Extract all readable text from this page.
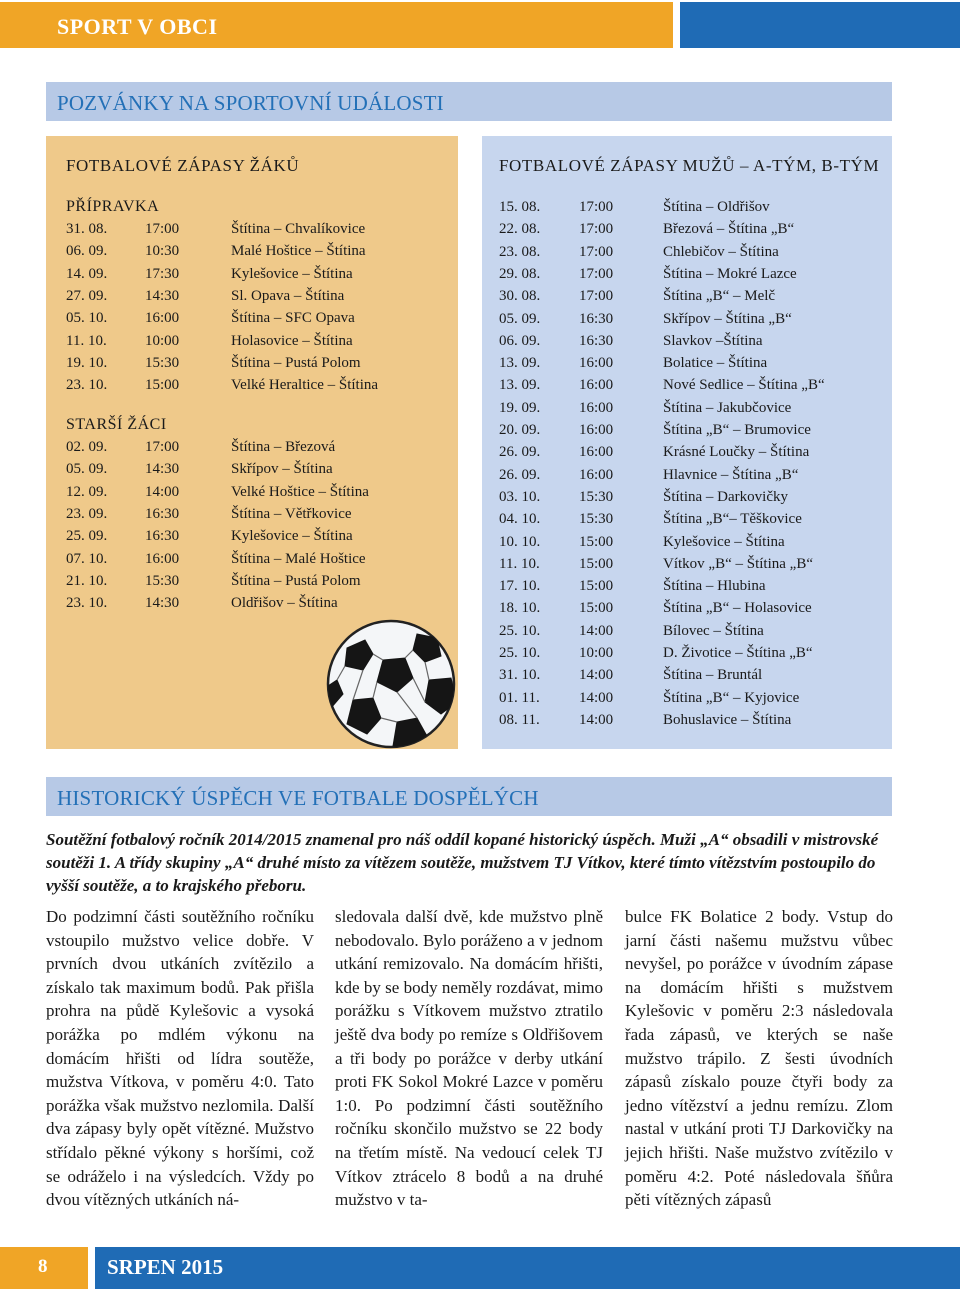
SPORT V OBCI
POZVÁNKY NA SPORTOVNÍ UDÁLOSTI
FOTBALOVÉ ZÁPASY ŽÁKŮ
PŘÍPRAVKA
31. 08.	17:00	Štítina – Chvalíkovice
06. 09.	10:30	Malé Hoštice – Štítina
14. 09.	17:30	Kylešovice – Štítina
27. 09.	14:30	Sl. Opava – Štítina
05. 10.	16:00	Štítina – SFC Opava
11. 10.	10:00	Holasovice – Štítina
19. 10.	15:30	Štítina – Pustá Polom
23. 10.	15:00	Velké Heraltice – Štítina
STARŠÍ ŽÁCI
02. 09.	17:00	Štítina – Březová
05. 09.	14:30	Skřípov – Štítina
12. 09.	14:00	Velké Hoštice – Štítina
23. 09.	16:30	Štítina – Větřkovice
25. 09.	16:30	Kylešovice – Štítina
07. 10.	16:00	Štítina – Malé Hoštice
21. 10.	15:30	Štítina – Pustá Polom
23. 10.	14:30	Oldřišov – Štítina
FOTBALOVÉ ZÁPASY MUŽŮ – A-TÝM, B-TÝM
15. 08.	17:00	Štítina – Oldřišov
22. 08.	17:00	Březová – Štítina „B“
23. 08.	17:00	Chlebičov – Štítina
29. 08.	17:00	Štítina – Mokré Lazce
30. 08.	17:00	Štítina „B“ – Melč
05. 09.	16:30	Skřípov – Štítina „B“
06. 09.	16:30	Slavkov –Štítina
13. 09.	16:00	Bolatice – Štítina
13. 09.	16:00	Nové Sedlice – Štítina „B“
19. 09.	16:00	Štítina – Jakubčovice
20. 09.	16:00	Štítina „B“ – Brumovice
26. 09.	16:00	Krásné Loučky – Štítina
26. 09.	16:00	Hlavnice – Štítina „B“
03. 10.	15:30	Štítina – Darkovičky
04. 10.	15:30	Štítina „B“– Těškovice
10. 10.	15:00	Kylešovice – Štítina
11. 10.	15:00	Vítkov „B“ – Štítina „B“
17. 10.	15:00	Štítina – Hlubina
18. 10.	15:00	Štítina „B“ – Holasovice
25. 10.	14:00	Bílovec – Štítina
25. 10.	10:00	D. Životice – Štítina „B“
31. 10.	14:00	Štítina – Bruntál
01. 11.	14:00	Štítina „B“ – Kyjovice
08. 11.	14:00	Bohuslavice – Štítina
HISTORICKÝ ÚSPĚCH VE FOTBALE DOSPĚLÝCH
Soutěžní fotbalový ročník 2014/2015 znamenal pro náš oddíl kopané historický úspěch. Muži „A“ obsadili v mistrovské soutěži 1. A třídy skupiny „A“ druhé místo za vítězem soutěže, mužstvem TJ Vítkov, které tímto vítězstvím postoupilo do vyšší soutěže, a to krajského přeboru.
Do podzimní části soutěžního ročníku vstoupilo mužstvo velice dobře. V prvních dvou utkáních zvítězilo a získalo tak maximum bodů. Pak přišla prohra na půdě Kylešovic a vysoká porážka po mdlém výkonu na domácím hřišti od lídra soutěže, mužstva Vítkova, v poměru 4:0. Tato porážka však mužstvo nezlomila. Další dva zápasy byly opět vítězné. Mužstvo střídalo pěkné výkony s horšími, což se odráželo i na výsledcích. Vždy po dvou vítězných utkáních ná-
sledovala další dvě, kde mužstvo plně nebodovalo. Bylo poráženo a v jednom utkání remizovalo. Na domácím hřišti, kde by se body neměly rozdávat, mimo porážku s Vítkovem mužstvo ztratilo ještě dva body po remíze s Oldřišovem a tři body po porážce v derby utkání proti FK Sokol Mokré Lazce v poměru 1:0. Po podzimní části soutěžního ročníku skončilo mužstvo se 22 body na třetím místě. Na vedoucí celek TJ Vítkov ztrácelo 8 bodů a na druhé mužstvo v ta-
bulce FK Bolatice 2 body. Vstup do jarní části našemu mužstvu vůbec nevyšel, po porážce v úvodním zápase na domácím hřišti s mužstvem Kylešovic v poměru 2:3 následovala řada zápasů, ve kterých se naše mužstvo trápilo. Z šesti úvodních zápasů získalo pouze čtyři body za jedno vítězství a jednu remízu. Zlom nastal v utkání proti TJ Darkovičky na jejich hřišti. Naše mužstvo zvítězilo v poměru 4:2. Poté následovala šňůra pěti vítězných zápasů
8	SRPEN 2015
